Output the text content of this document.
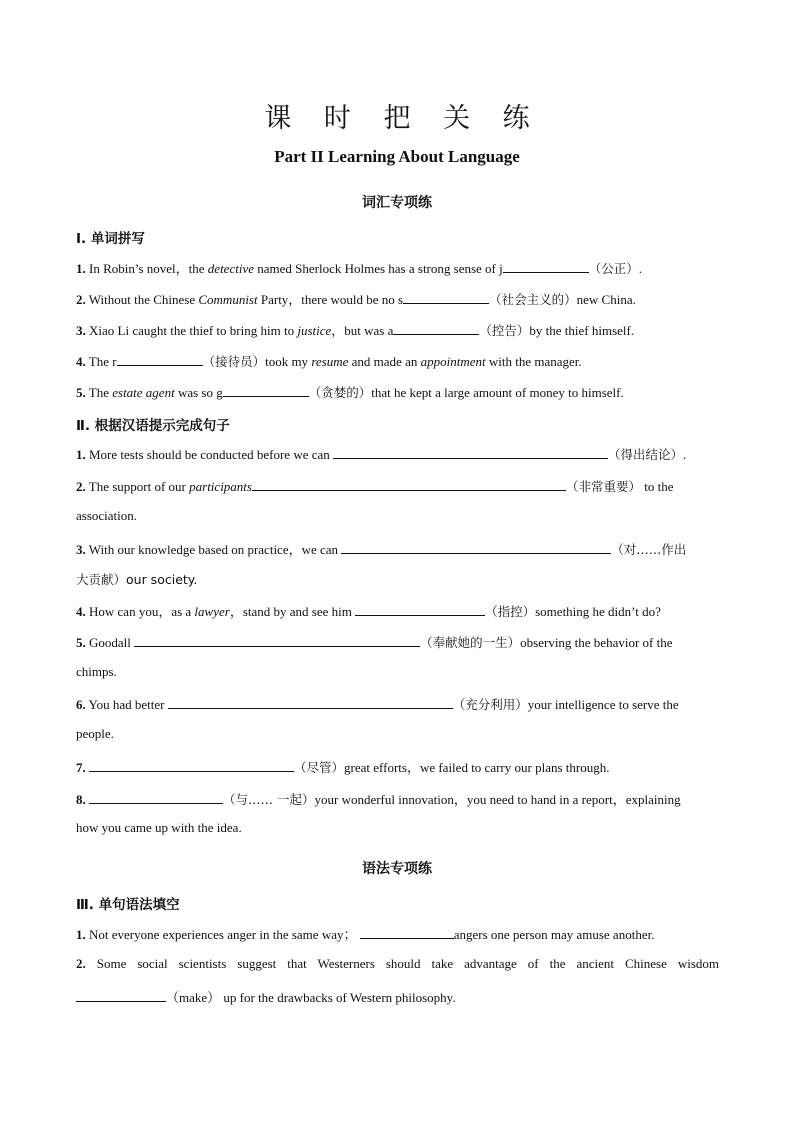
课 时 把 关 练
Part II Learning About Language
词汇专项练
Ⅰ. 单词拼写
1. In Robin’s novel，the detective named Sherlock Holmes has a strong sense of j	（公正）.
2. Without the Chinese Communist Party，there would be no s	（社会主义的）new China.
3. Xiao Li caught the thief to bring him to justice，but was a	（控告）by the thief himself.
4. The r	（接待员）took my resume and made an appointment with the manager.
5. The estate agent was so g	（贪婪的）that he kept a large amount of money to himself.
Ⅱ. 根据汉语提示完成句子
1. More tests should be conducted before we can	（得出结论）.
2. The support of our participants	（非常重要） to the
association.
3. With our knowledge based on practice，we can	（对……作出
大贡献）our society.
4. How can you，as a lawyer，stand by and see him	（指控）something he didn’t do?
5. Goodall	（奉献她的一生）observing the behavior of the
chimps.
6. You had better	（充分利用）your intelligence to serve the
people.
7.	（尽管）great efforts，we failed to carry our plans through.
8.	（与…… 一起）your wonderful innovation，you need to hand in a report，explaining
how you came up with the idea.
语法专项练
Ⅲ. 单句语法填空
1. Not everyone experiences anger in the same way；	angers one person may amuse another.
2. Some social scientists suggest that Westerners should take advantage of the ancient Chinese wisdom
（make） up for the drawbacks of Western philosophy.
